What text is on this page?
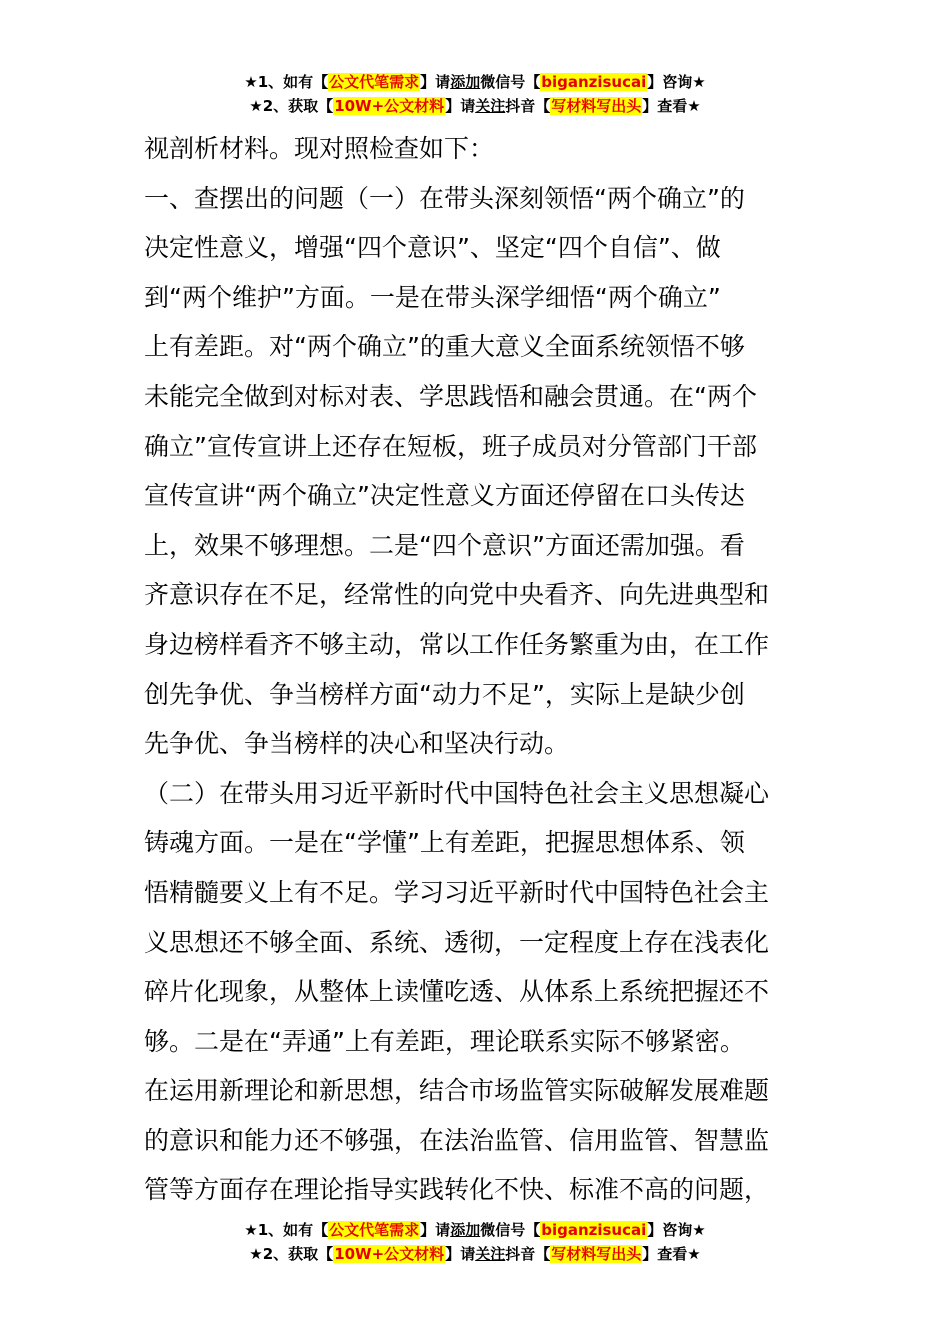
★1、如有【公文代笔需求】请添加微信号【biganzisucai】咨询★
★2、获取【10W+公文材料】请关注抖音【写材料写出头】查看★
视剖析材料。现对照检查如下：
一、查摆出的问题（一）在带头深刻领悟“两个确立”的
决定性意义，增强“四个意识”、坚定“四个自信”、做
到“两个维护”方面。一是在带头深学细悟“两个确立”
上有差距。对“两个确立”的重大意义全面系统领悟不够
未能完全做到对标对表、学思践悟和融会贯通。在“两个
确立”宣传宣讲上还存在短板，班子成员对分管部门干部
宣传宣讲“两个确立”决定性意义方面还停留在口头传达
上，效果不够理想。二是“四个意识”方面还需加强。看
齐意识存在不足，经常性的向党中央看齐、向先进典型和
身边榜样看齐不够主动，常以工作任务繁重为由，在工作
创先争优、争当榜样方面“动力不足”，实际上是缺少创
先争优、争当榜样的决心和坚决行动。
（二）在带头用习近平新时代中国特色社会主义思想凝心
铸魂方面。一是在“学懂”上有差距，把握思想体系、领
悟精髓要义上有不足。学习习近平新时代中国特色社会主
义思想还不够全面、系统、透彻，一定程度上存在浅表化
碎片化现象，从整体上读懂吃透、从体系上系统把握还不
够。二是在“弄通”上有差距，理论联系实际不够紧密。
在运用新理论和新思想，结合市场监管实际破解发展难题
的意识和能力还不够强，在法治监管、信用监管、智慧监
管等方面存在理论指导实践转化不快、标准不高的问题，
★1、如有【公文代笔需求】请添加微信号【biganzisucai】咨询★
★2、获取【10W+公文材料】请关注抖音【写材料写出头】查看★
